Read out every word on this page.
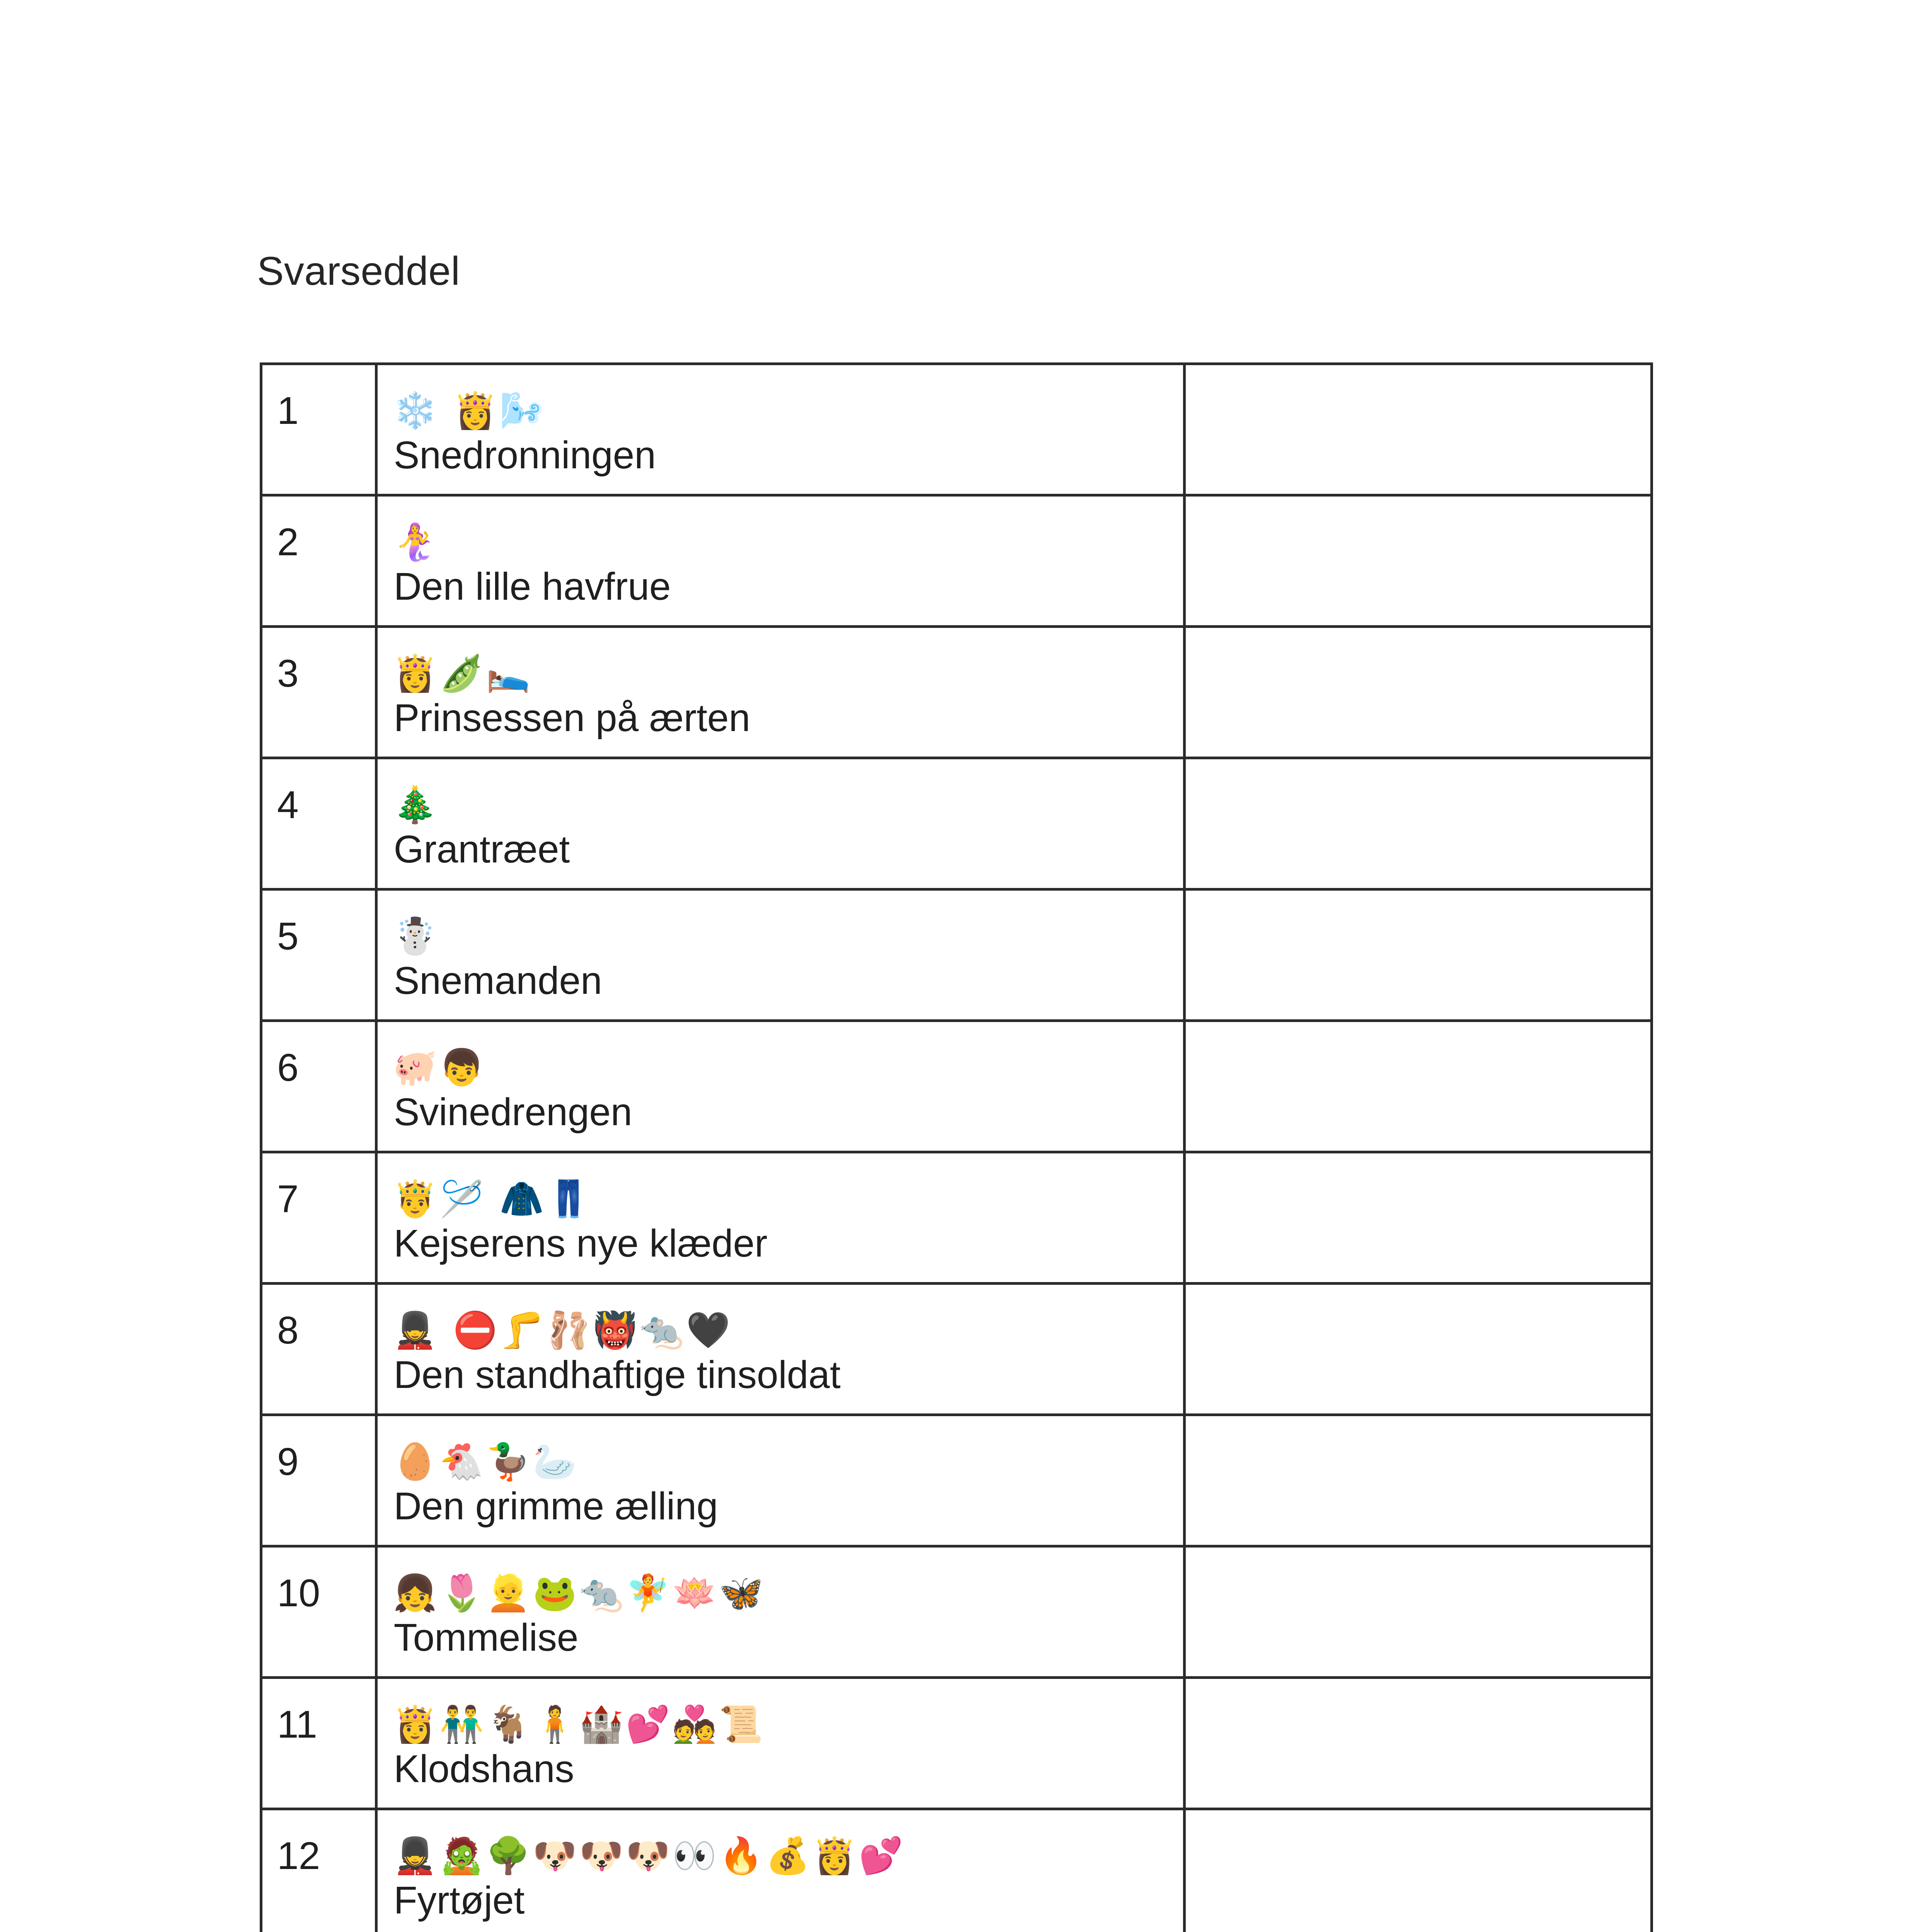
Svarseddel
1	❄️ 👸🌬️
Snedronningen	

2	🧜‍♀️
Den lille havfrue	

3	👸🫛🛌
Prinsessen på ærten	

4	🎄
Grantræet	

5	☃️
Snemanden	

6	🐖👦
Svinedrengen	

7	🤴🪡 🧥👖
Kejserens nye klæder	

8	💂 ⛔🦵🩰👹🐀🖤
Den standhaftige tinsoldat	

9	🥚🐔🦆🦢
Den grimme ælling	

10	👧🌷👱🐸🐀🧚🪷🦋
Tommelise	

11	👸👬🐐🧍🏰💕💑📜
Klodshans	

12	💂🧟🌳🐶🐶🐶👀🔥💰👸💕
Fyrtøjet	
